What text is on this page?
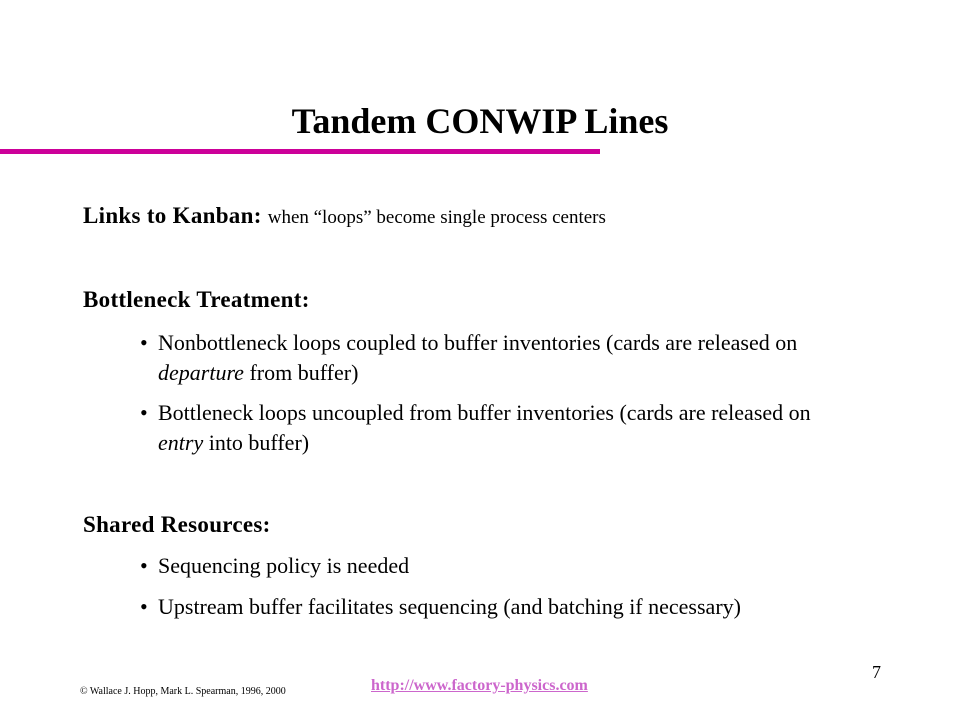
Tandem CONWIP Lines
Links to Kanban: when “loops” become single process centers
Bottleneck Treatment:
• Nonbottleneck loops coupled to buffer inventories (cards are released on departure from buffer)
• Bottleneck loops uncoupled from buffer inventories (cards are released on entry into buffer)
Shared Resources:
• Sequencing policy is needed
• Upstream buffer facilitates sequencing (and batching if necessary)
7
© Wallace J. Hopp, Mark L. Spearman, 1996, 2000	http://www.factory-physics.com
